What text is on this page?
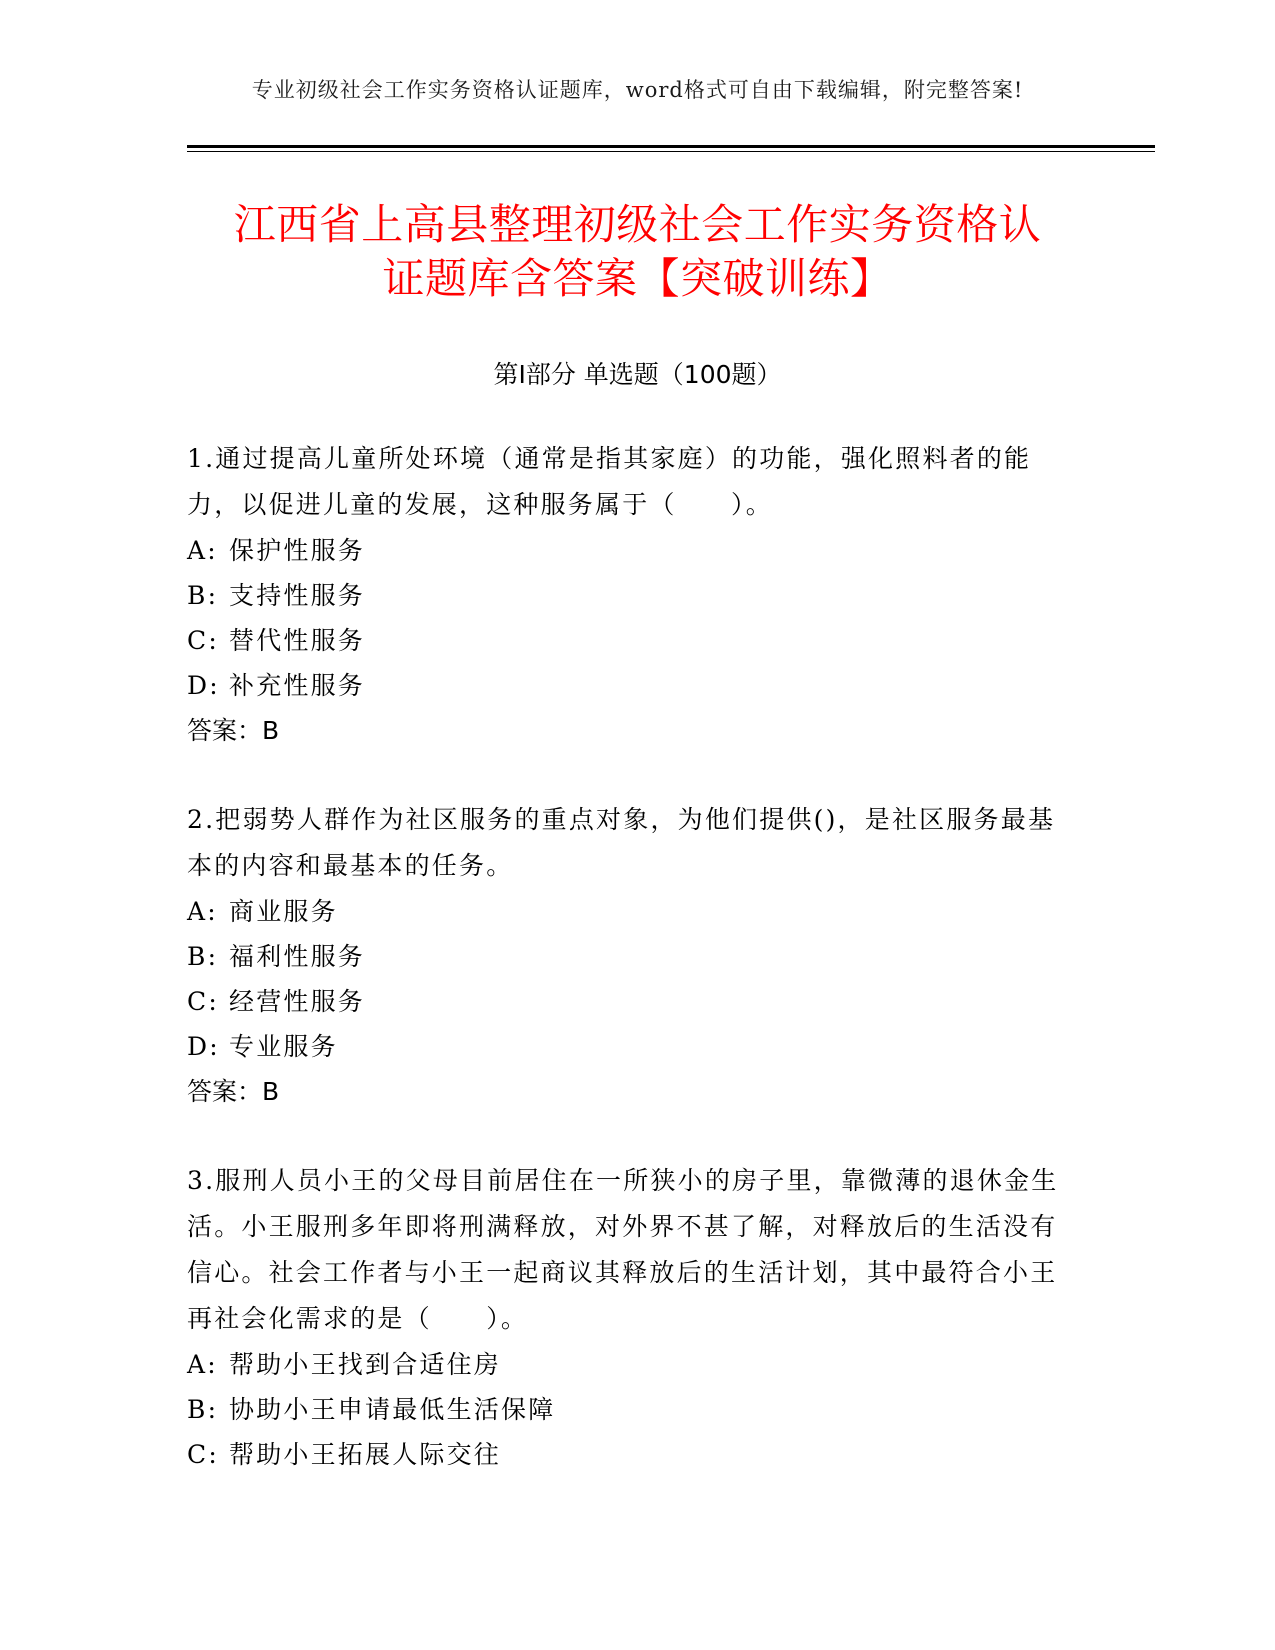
专业初级社会工作实务资格认证题库，word格式可自由下载编辑，附完整答案!
江西省上高县整理初级社会工作实务资格认
证题库含答案【突破训练】
第I部分 单选题（100题）
1.通过提高儿童所处环境（通常是指其家庭）的功能，强化照料者的能力，以促进儿童的发展，这种服务属于（　　）。
A: 保护性服务
B: 支持性服务
C: 替代性服务
D: 补充性服务
答案：B
2.把弱势人群作为社区服务的重点对象，为他们提供()，是社区服务最基本的内容和最基本的任务。
A: 商业服务
B: 福利性服务
C: 经营性服务
D: 专业服务
答案：B
3.服刑人员小王的父母目前居住在一所狭小的房子里，靠微薄的退休金生活。小王服刑多年即将刑满释放，对外界不甚了解，对释放后的生活没有信心。社会工作者与小王一起商议其释放后的生活计划，其中最符合小王再社会化需求的是（　　）。
A: 帮助小王找到合适住房
B: 协助小王申请最低生活保障
C: 帮助小王拓展人际交往
